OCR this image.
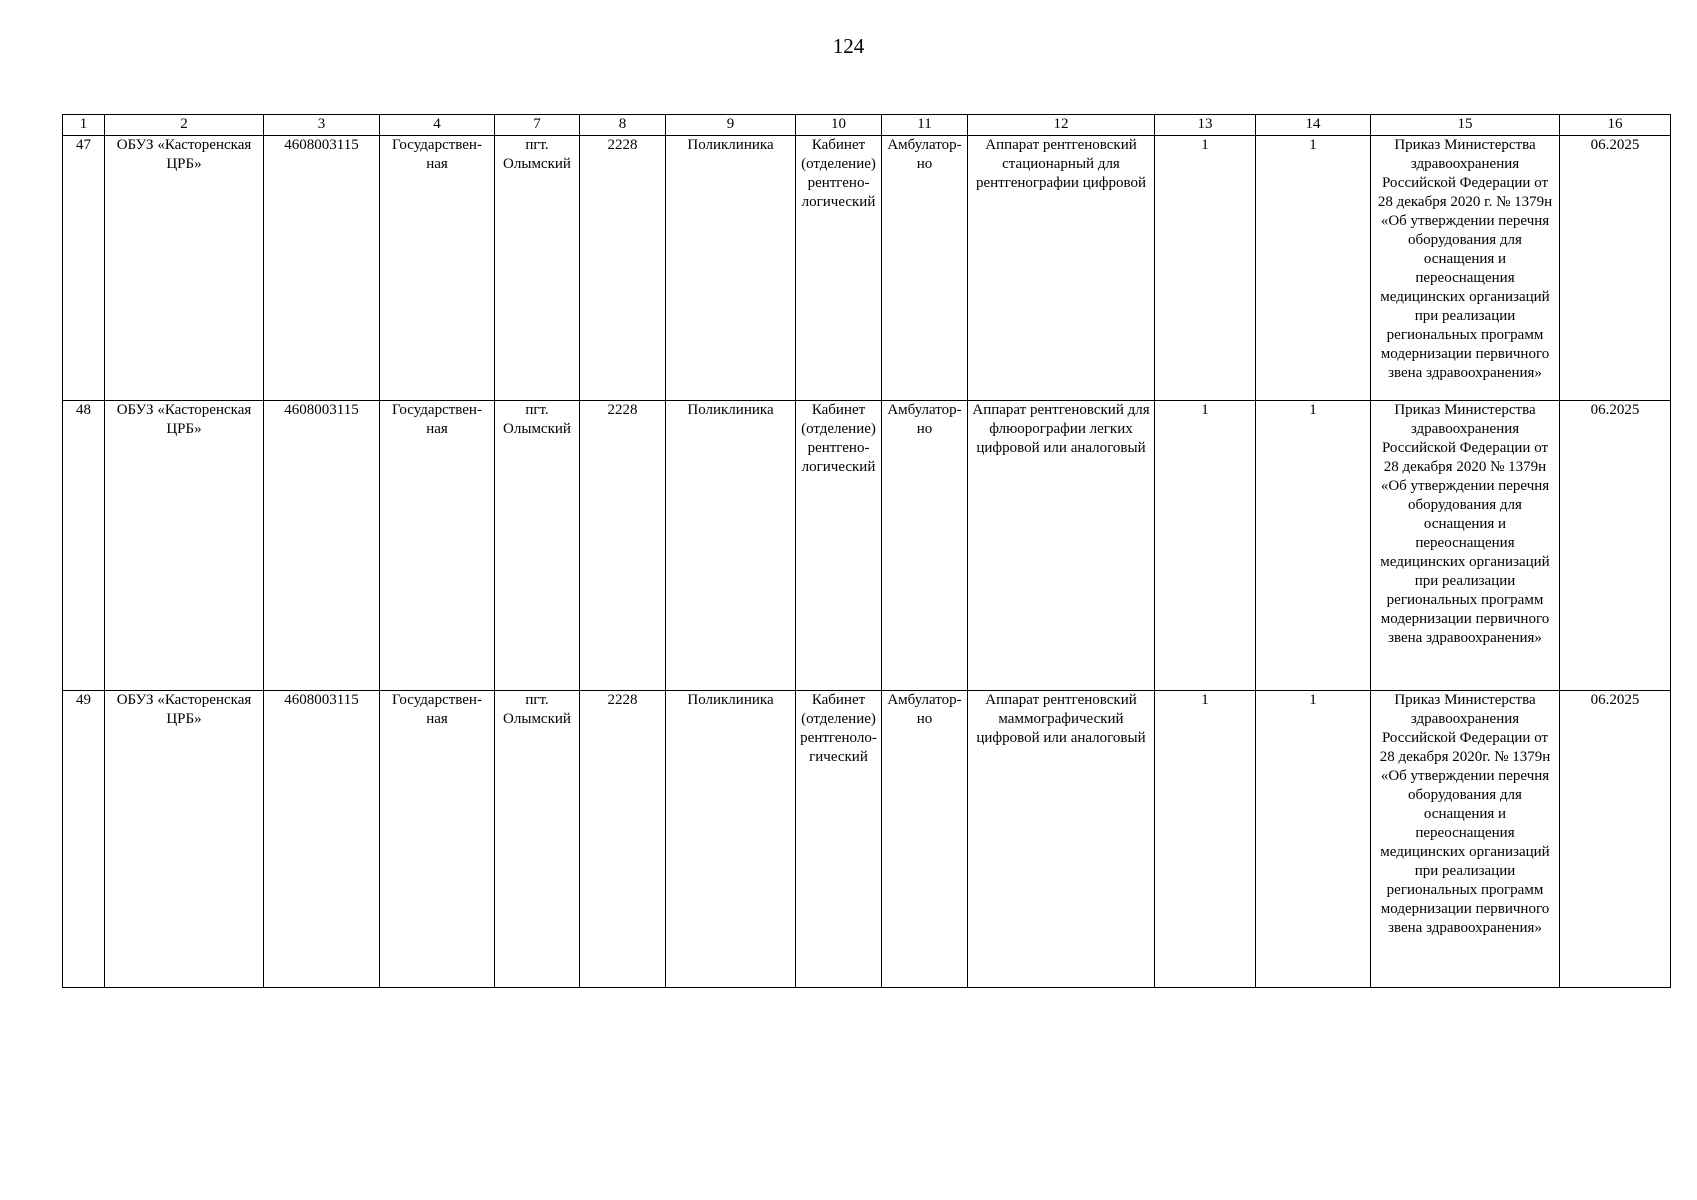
124
1	2	3	4	7	8	9	10	11	12	13	14	15	16
47	ОБУЗ «Касторенская ЦРБ»	4608003115	Государствен-ная	пгт. Олымский	2228	Поликлиника	Кабинет (отделение) рентгено-логический	Амбулатор-но	Аппарат рентгеновский стационарный для рентгенографии цифровой	1	1	Приказ Министерства здравоохранения Российской Федерации от 28 декабря 2020 г. № 1379н «Об утверждении перечня оборудования для оснащения и переоснащения медицинских организаций при реализации региональных программ модернизации первичного звена здравоохранения»	06.2025
48	ОБУЗ «Касторенская ЦРБ»	4608003115	Государствен-ная	пгт. Олымский	2228	Поликлиника	Кабинет (отделение) рентгено-логический	Амбулатор-но	Аппарат рентгеновский для флюорографии легких цифровой или аналоговый	1	1	Приказ Министерства здравоохранения Российской Федерации от 28 декабря 2020 № 1379н «Об утверждении перечня оборудования для оснащения и переоснащения медицинских организаций при реализации региональных программ модернизации первичного звена здравоохранения»	06.2025
49	ОБУЗ «Касторенская ЦРБ»	4608003115	Государствен-ная	пгт. Олымский	2228	Поликлиника	Кабинет (отделение) рентгеноло-гический	Амбулатор-но	Аппарат рентгеновский маммографический цифровой или аналоговый	1	1	Приказ Министерства здравоохранения Российской Федерации от 28 декабря 2020г. № 1379н «Об утверждении перечня оборудования для оснащения и переоснащения медицинских организаций при реализации региональных программ модернизации первичного звена здравоохранения»	06.2025
